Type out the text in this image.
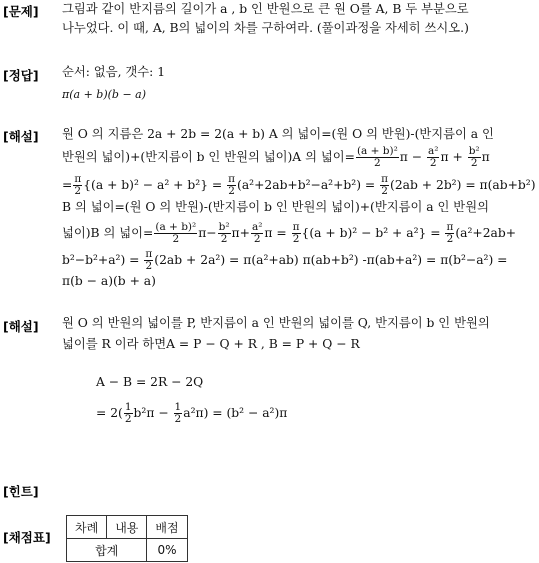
[문제]
[정답]
[해설]
[해설]
[힌트]
[채점표]
그림과 같이 반지름의 길이가 a , b 인 반원으로 큰 원 O를 A, B 두 부분으로
나누었다. 이 때, A, B의 넓이의 차를 구하여라. (풀이과정을 자세히 쓰시오.)
순서: 없음, 갯수: 1
π(a + b)(b − a)
원 O 의 지름은 2a + 2b = 2(a + b) A 의 넓이=(원 O 의 반원)-(반지름이 a 인
반원의 넓이)+(반지름이 b 인 반원의 넓이)A 의 넓이= $\frac{\text{(a + b)²}}{2}$ $\pi - \frac{\text{a²}}{2}$ $\pi + \frac{\text{b²}}{2}$ π
= $\frac{\pi}{2} \{(a + b)^2 - a^2 + b^2\} = \frac{\pi}{2} (a^2+2ab+b^2-a^2+b^2) = \frac{\pi}{2} (2ab + 2b^2) = \pi(ab+b^2)$
B 의 넓이=(원 O 의 반원)-(반지름이 b 인 반원의 넓이)+(반지름이 a 인 반원의
넓이)B 의 넓이= $\frac{\text{(a + b)²}}{2} \pi- \frac{\text{b²}}{2} \pi+ \frac{\text{a²}}{2}$ $\pi = \frac{\pi}{2} \{(a + b)^2 - b^2 + a^2\} = \frac{\pi}{2} (a^2+2ab+$
$b^2-b^2+a^2) = \frac{\pi}{2} (2ab + 2a^2) = \pi(a^2+ab)$ π(ab+b²) -π(ab+a²) = π(b²−a²) =
π(b − a)(b + a)
원 O 의 반원의 넓이를 P, 반지름이 a 인 반원의 넓이를 Q, 반지름이 b 인 반원의
넓이를 R 이라 하면A = P − Q + R , B = P + Q − R
A − B = 2R − 2Q
= $2( \frac{1}{2} b^2\pi - \frac{1}{2} a^2\pi) = (b^2 - a^2)\pi$
차례	내용	배점
합계		0%
